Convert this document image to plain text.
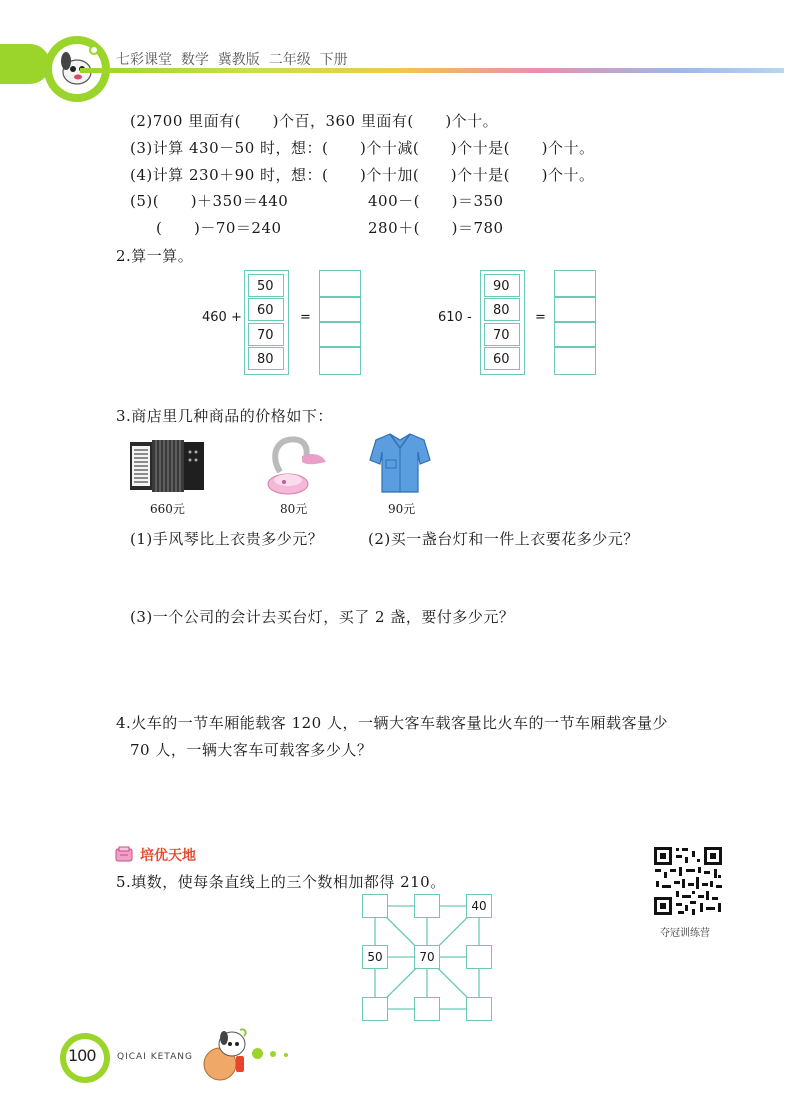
七彩课堂  数学  冀教版  二年级  下册
(2)700 里面有(      )个百，360 里面有(      )个十。
(3)计算 430－50 时，想：(      )个十减(      )个十是(      )个十。
(4)计算 230＋90 时，想：(      )个十加(      )个十是(      )个十。
(5)(      )＋350＝440	400－(      )＝350
(      )－70＝240	280＋(      )＝780
2.算一算。
460 +
50
60
70
80
=	610 -
90
80
70
60
=
3.商店里几种商品的价格如下：
660元	80元	90元
(1)手风琴比上衣贵多少元？	(2)买一盏台灯和一件上衣要花多少元？
(3)一个公司的会计去买台灯，买了 2 盏，要付多少元？
4.火车的一节车厢能载客 120 人，一辆大客车载客量比火车的一节车厢载客量少
70 人，一辆大客车可载客多少人？
培优天地
5.填数，使每条直线上的三个数相加都得 210。
40
50	70
夺冠训练营
100 QICAI KETANG
